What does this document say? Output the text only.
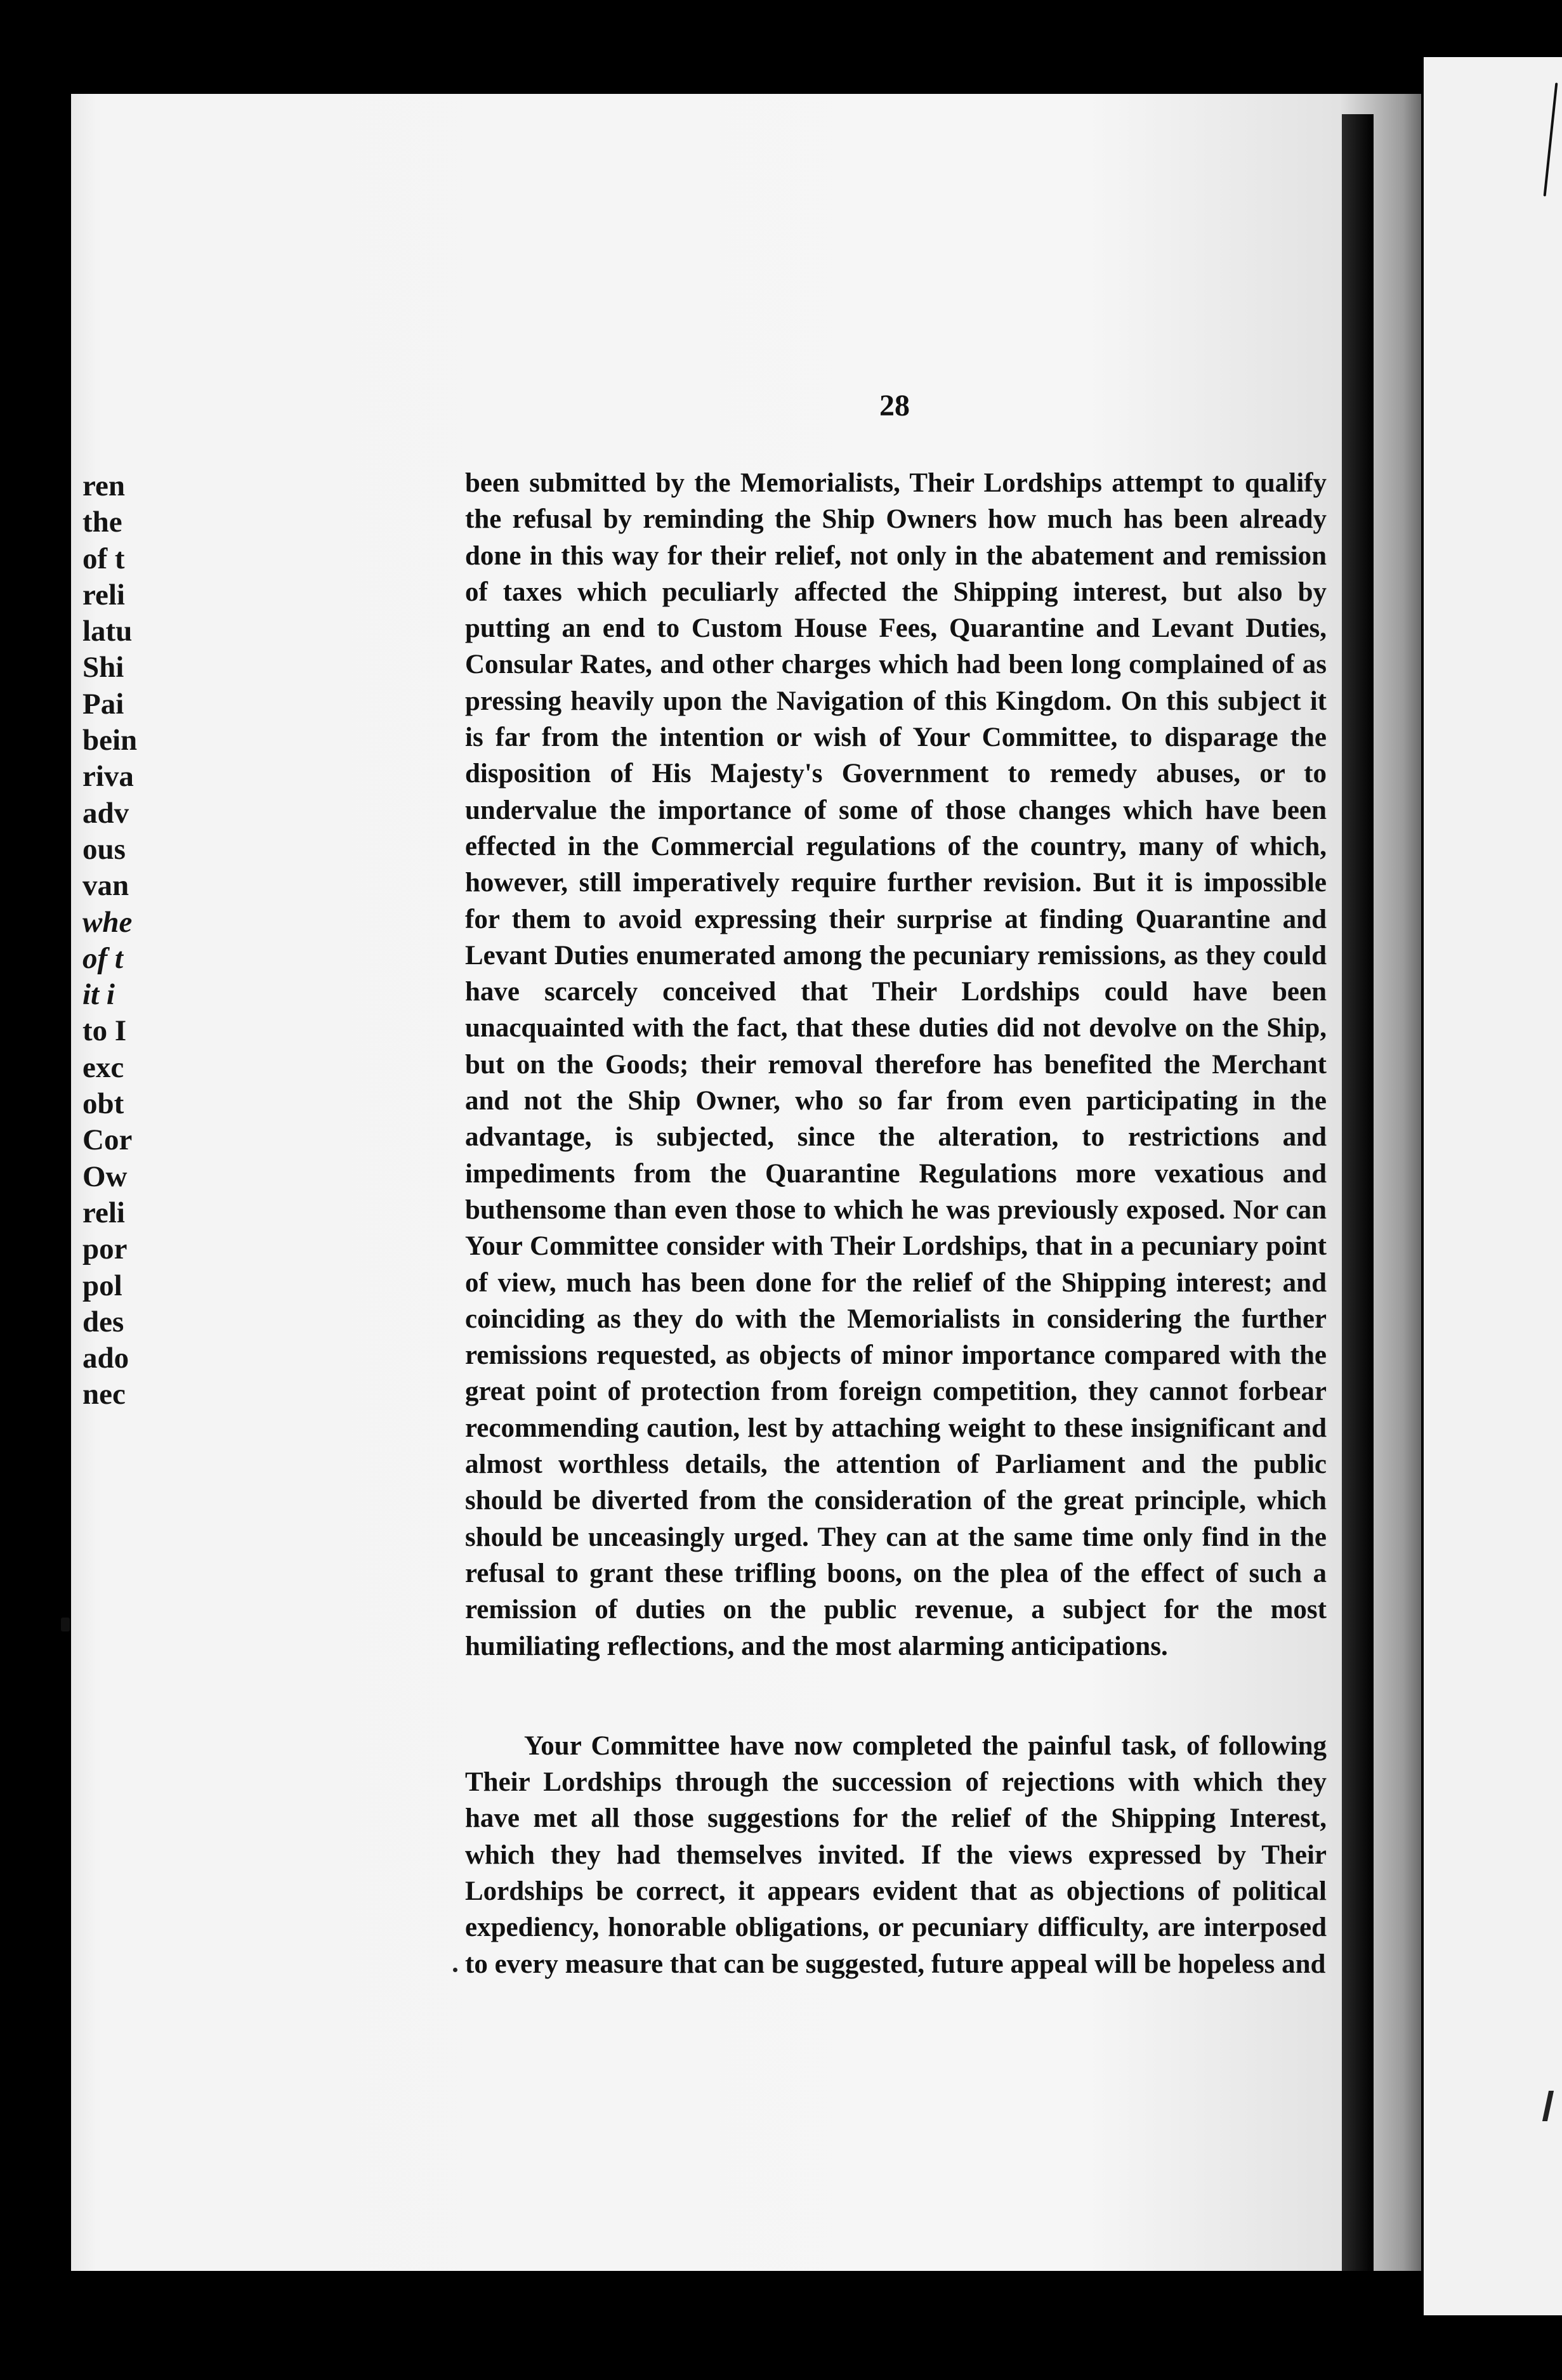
ren
the
of t
reli
latu
Shi
Pai
bein
riva
adv
ous
van
whe
of t
it i
to I
exc
obt
Cor
Ow
reli
por
pol
des
ado
nec
28

been submitted by the Memorialists, Their Lordships attempt to qualify the refusal by reminding the Ship Owners how much has been already done in this way for their relief, not only in the abatement and remission of taxes which peculiarly affected the Shipping interest, but also by putting an end to Custom House Fees, Quarantine and Levant Duties, Consular Rates, and other charges which had been long complained of as pressing heavily upon the Navigation of this Kingdom. On this subject it is far from the intention or wish of Your Committee, to disparage the disposition of His Majesty's Government to remedy abuses, or to undervalue the importance of some of those changes which have been effected in the Commercial regulations of the country, many of which, however, still imperatively require further revision. But it is impossible for them to avoid expressing their surprise at finding Quarantine and Levant Duties enumerated among the pecuniary remissions, as they could have scarcely conceived that Their Lordships could have been unacquainted with the fact, that these duties did not devolve on the Ship, but on the Goods; their removal therefore has benefited the Merchant and not the Ship Owner, who so far from even participating in the advantage, is subjected, since the alteration, to restrictions and impediments from the Quarantine Regulations more vexatious and buthensome than even those to which he was previously exposed. Nor can Your Committee consider with Their Lordships, that in a pecuniary point of view, much has been done for the relief of the Shipping interest; and coinciding as they do with the Memorialists in considering the further remissions requested, as objects of minor importance compared with the great point of protection from foreign competition, they cannot forbear recommending caution, lest by attaching weight to these insignificant and almost worthless details, the attention of Parliament and the public should be diverted from the consideration of the great principle, which should be unceasingly urged. They can at the same time only find in the refusal to grant these trifling boons, on the plea of the effect of such a remission of duties on the public revenue, a subject for the most humiliating reflections, and the most alarming anticipations.

Your Committee have now completed the painful task, of following Their Lordships through the succession of rejections with which they have met all those suggestions for the relief of the Shipping Interest, which they had themselves invited. If the views expressed by Their Lordships be correct, it appears evident that as objections of political expediency, honorable obligations, or pecuniary difficulty, are interposed to every measure that can be suggested, future appeal will be hopeless and
